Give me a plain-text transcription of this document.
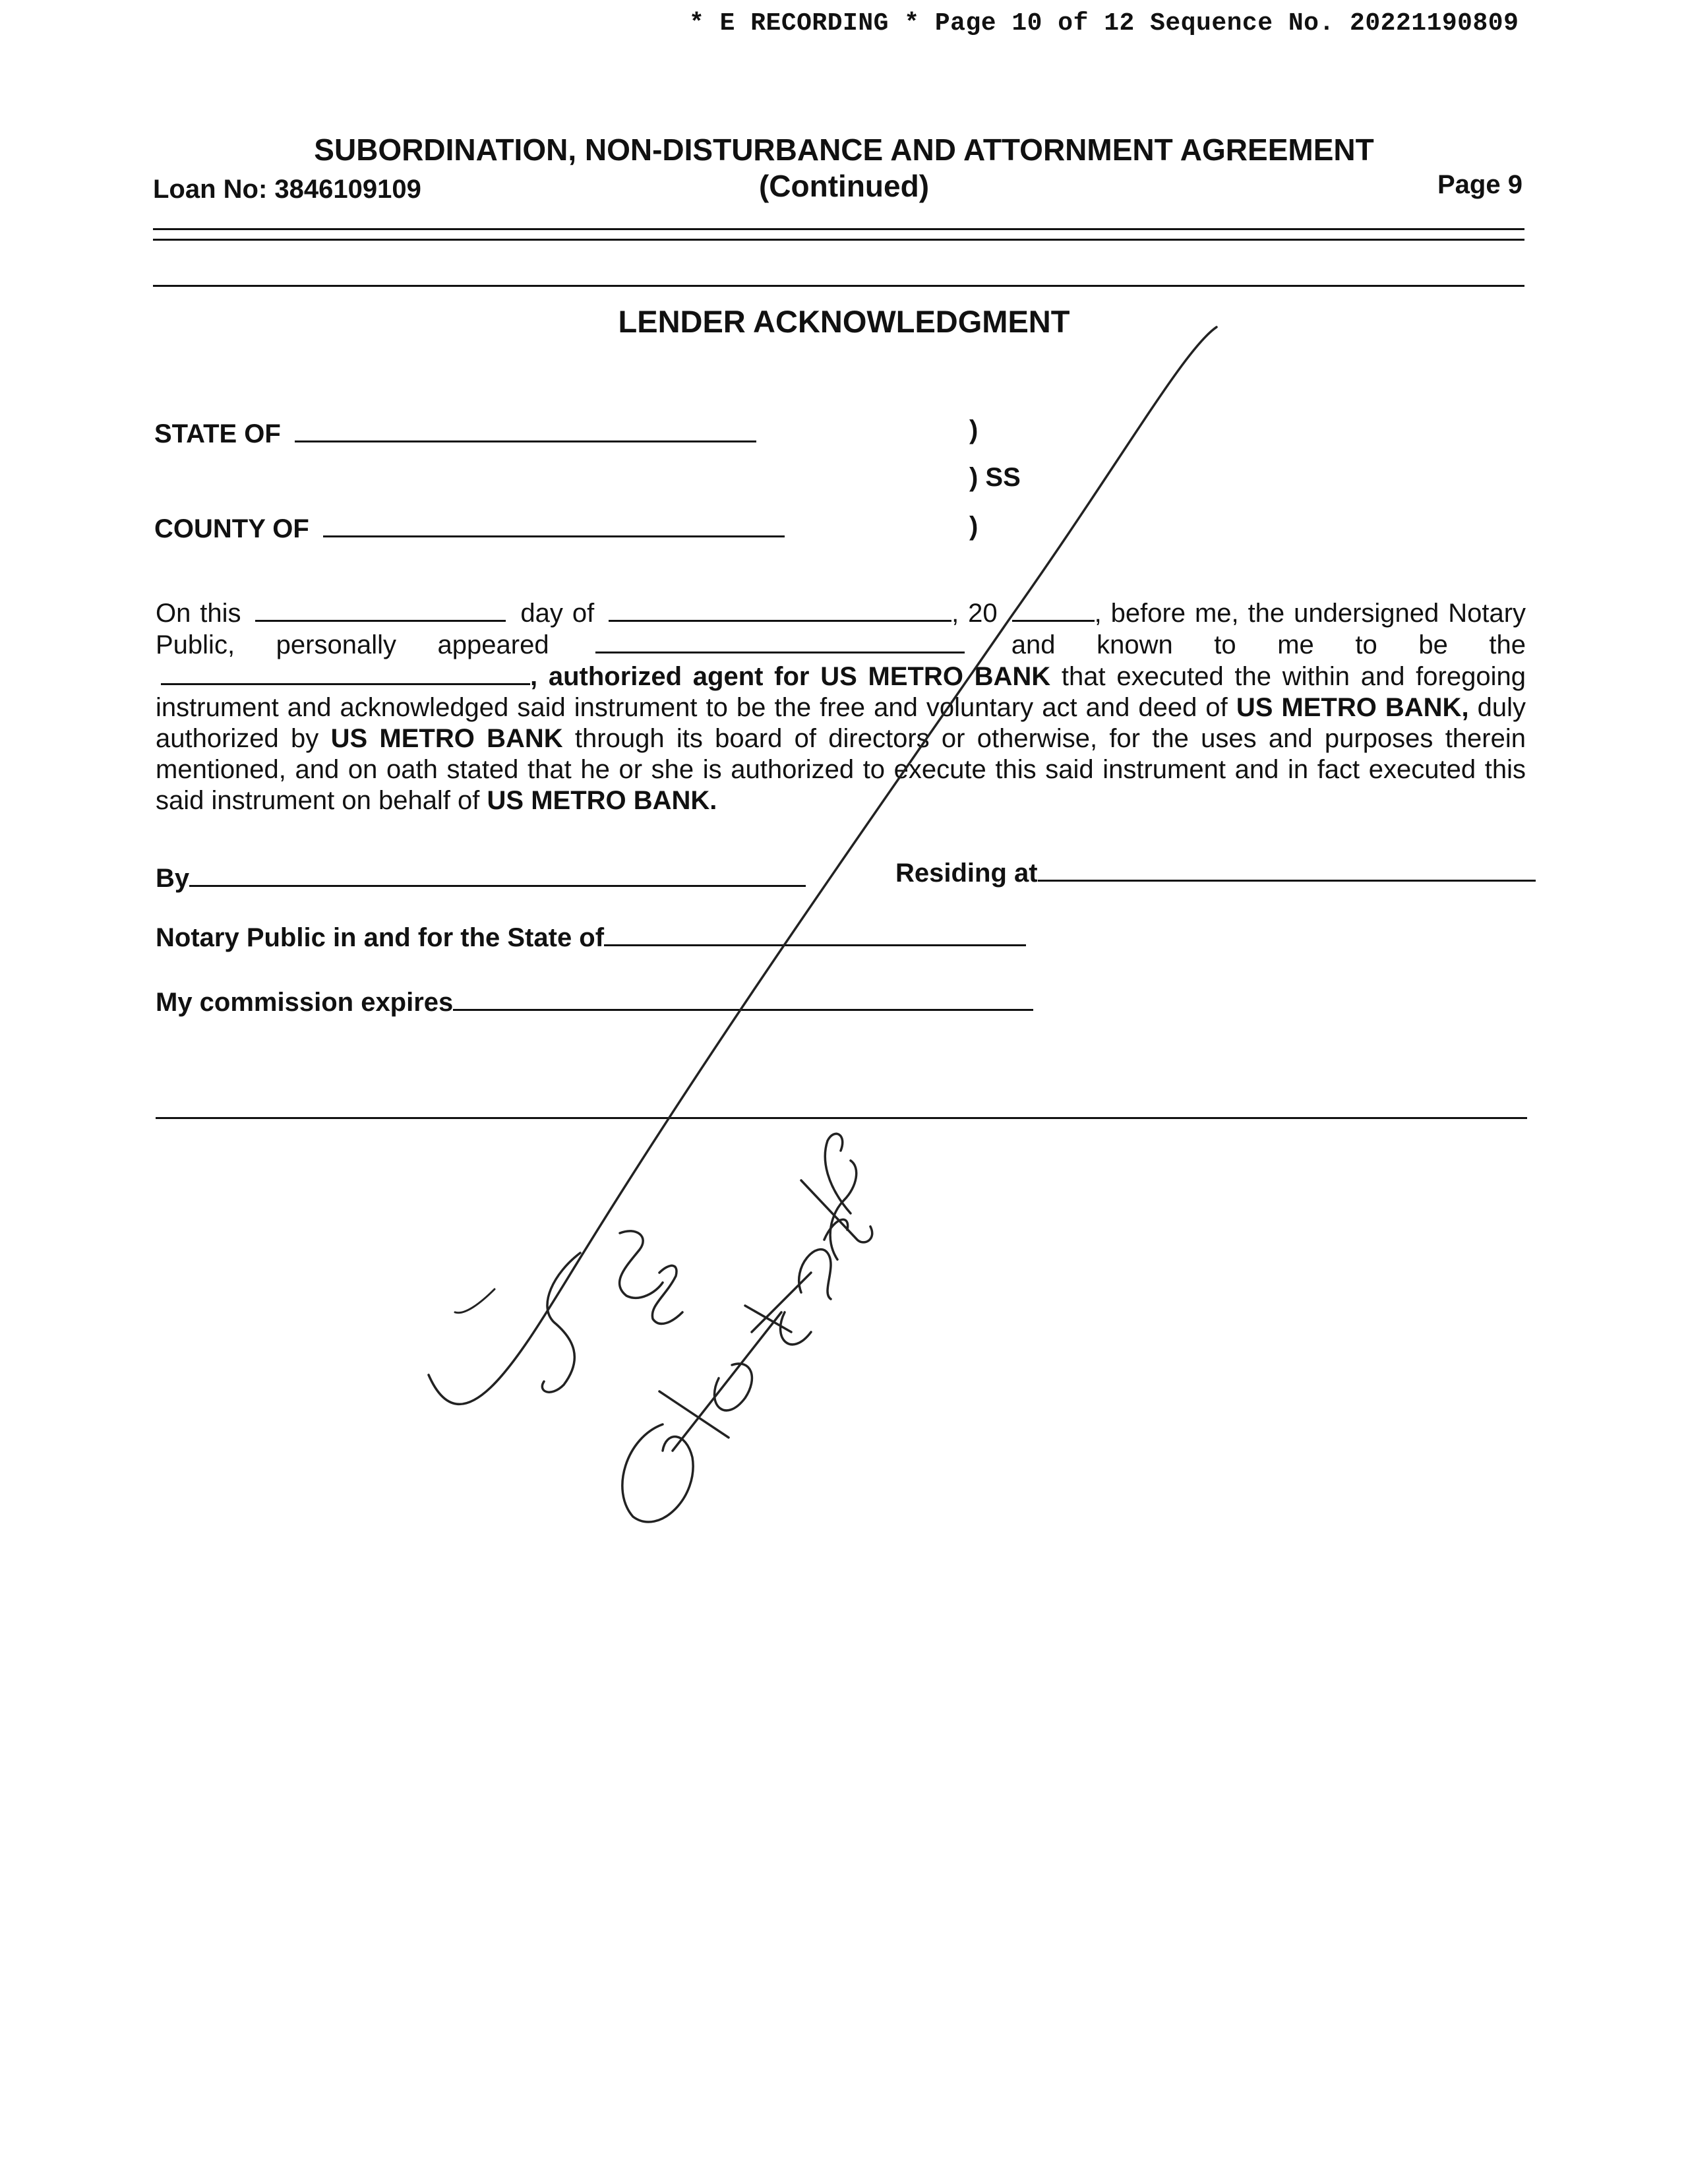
* E RECORDING * Page 10 of 12 Sequence No. 20221190809
SUBORDINATION, NON-DISTURBANCE AND ATTORNMENT AGREEMENT
(Continued)
Loan No: 3846109109	Page 9
LENDER ACKNOWLEDGMENT
STATE OF
COUNTY OF
)
) SS
)
On this	day of	, 20	, before me, the undersigned Notary Public, personally appeared	and known to me to be the , authorized agent for US METRO BANK that executed the within and foregoing instrument and acknowledged said instrument to be the free and voluntary act and deed of US METRO BANK, duly authorized by US METRO BANK through its board of directors or otherwise, for the uses and purposes therein mentioned, and on oath stated that he or she is authorized to execute this said instrument and in fact executed this said instrument on behalf of US METRO BANK.
By	Residing at
Notary Public in and for the State of
My commission expires
